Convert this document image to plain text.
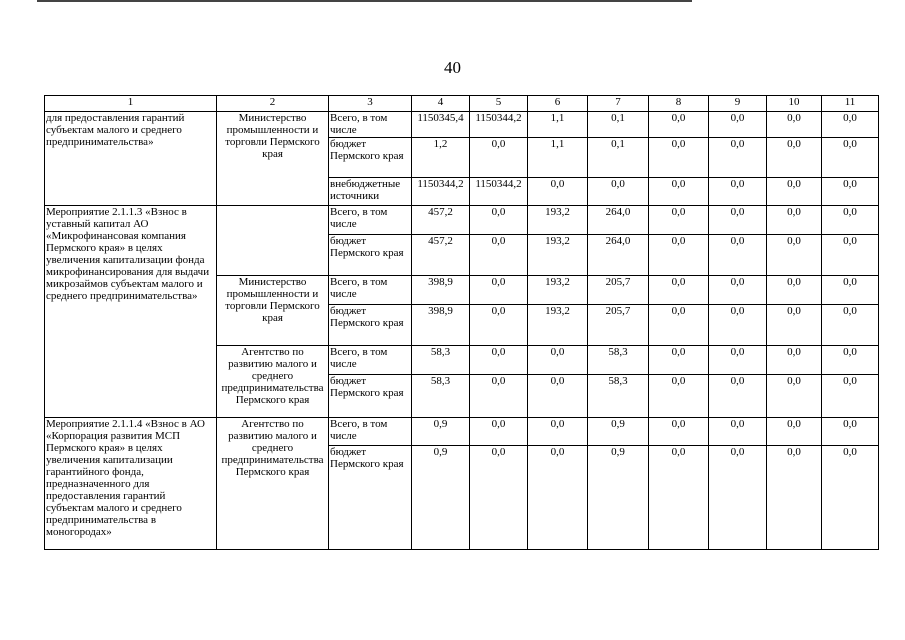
40
1	2	3	4	5	6	7	8	9	10	11
для предоставления гарантий субъектам малого и среднего предпринимательства»	Министерство промышленности и торговли Пермского края	Всего, в том числе	1150345,4	1150344,2	1,1	0,1	0,0	0,0	0,0	0,0
		бюджет Пермского края	1,2	0,0	1,1	0,1	0,0	0,0	0,0	0,0
		внебюджетные источники	1150344,2	1150344,2	0,0	0,0	0,0	0,0	0,0	0,0
Мероприятие 2.1.1.3 «Взнос в уставный капитал АО «Микрофинансовая компания Пермского края» в целях увеличения капитализации фонда микрофинансирования для выдачи микрозаймов субъектам малого и среднего предпринимательства»		Всего, в том числе	457,2	0,0	193,2	264,0	0,0	0,0	0,0	0,0
		бюджет Пермского края	457,2	0,0	193,2	264,0	0,0	0,0	0,0	0,0
	Министерство промышленности и торговли Пермского края	Всего, в том числе	398,9	0,0	193,2	205,7	0,0	0,0	0,0	0,0
		бюджет Пермского края	398,9	0,0	193,2	205,7	0,0	0,0	0,0	0,0
	Агентство по развитию малого и среднего предпринимательства Пермского края	Всего, в том числе	58,3	0,0	0,0	58,3	0,0	0,0	0,0	0,0
		бюджет Пермского края	58,3	0,0	0,0	58,3	0,0	0,0	0,0	0,0
Мероприятие 2.1.1.4 «Взнос в АО «Корпорация развития МСП Пермского края» в целях увеличения капитализации гарантийного фонда, предназначенного для предоставления гарантий субъектам малого и среднего предпринимательства в моногородах»	Агентство по развитию малого и среднего предпринимательства Пермского края	Всего, в том числе	0,9	0,0	0,0	0,9	0,0	0,0	0,0	0,0
		бюджет Пермского края	0,9	0,0	0,0	0,9	0,0	0,0	0,0	0,0
